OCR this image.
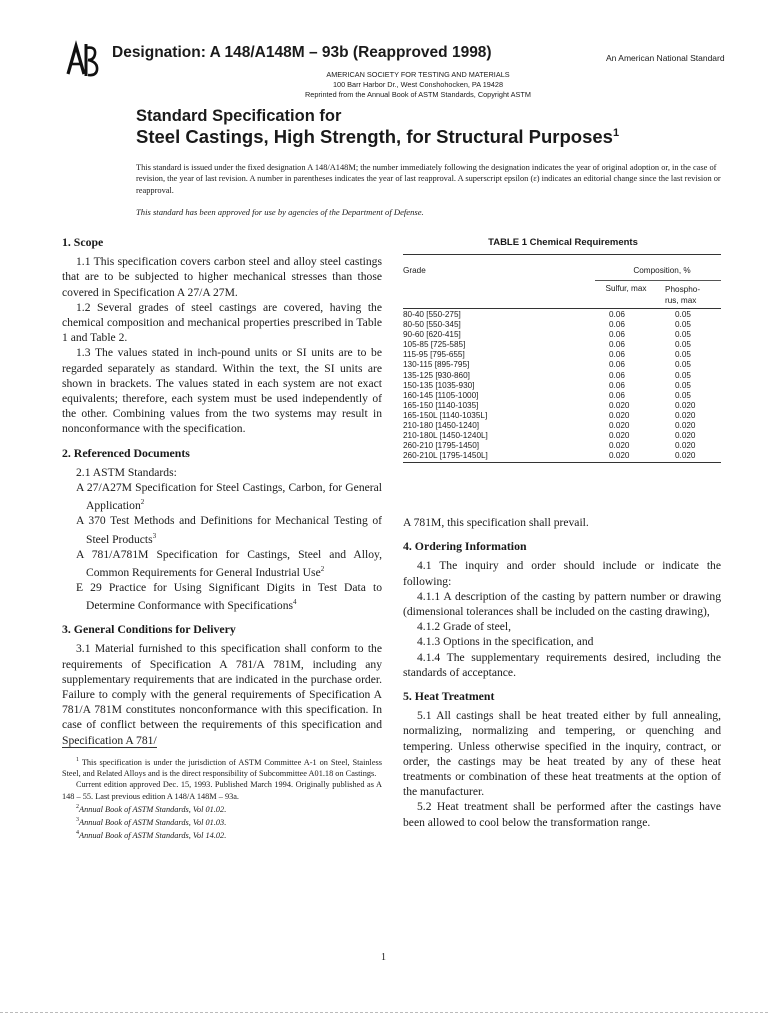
Designation: A 148/A148M – 93b (Reapproved 1998)	An American National Standard
AMERICAN SOCIETY FOR TESTING AND MATERIALS
100 Barr Harbor Dr., West Conshohocken, PA 19428
Reprinted from the Annual Book of ASTM Standards, Copyright ASTM
Standard Specification for
Steel Castings, High Strength, for Structural Purposes$^1$

This standard is issued under the fixed designation A 148/A148M; the number immediately following the designation indicates the year of original adoption or, in the case of revision, the year of last revision. A number in parentheses indicates the year of last reapproval. A superscript epsilon (ε) indicates an editorial change since the last revision or reapproval.

This standard has been approved for use by agencies of the Department of Defense.
1. Scope

1.1 This specification covers carbon steel and alloy steel castings that are to be subjected to higher mechanical stresses than those covered in Specification A 27/A 27M.

1.2 Several grades of steel castings are covered, having the chemical composition and mechanical properties prescribed in Table 1 and Table 2.

1.3 The values stated in inch-pound units or SI units are to be regarded separately as standard. Within the text, the SI units are shown in brackets. The values stated in each system are not exact equivalents; therefore, each system must be used independently of the other. Combining values from the two systems may result in nonconformance with the specification.

2. Referenced Documents

2.1 ASTM Standards:

A 27/A27M Specification for Steel Castings, Carbon, for General Application$^2$

A 370 Test Methods and Definitions for Mechanical Testing of Steel Products$^3$

A 781/A781M Specification for Castings, Steel and Alloy, Common Requirements for General Industrial Use$^2$

E 29 Practice for Using Significant Digits in Test Data to Determine Conformance with Specifications$^4$

3. General Conditions for Delivery

3.1 Material furnished to this specification shall conform to the requirements of Specification A 781/A 781M, including any supplementary requirements that are indicated in the purchase order. Failure to comply with the general requirements of Specification A 781/A 781M constitutes nonconformance with this specification. In case of conflict between the requirements of this specification and Specification A 781/

$^1$ This specification is under the jurisdiction of ASTM Committee A-1 on Steel, Stainless Steel, and Related Alloys and is the direct responsibility of Subcommittee A01.18 on Castings.

Current edition approved Dec. 15, 1993. Published March 1994. Originally published as A 148 – 55. Last previous edition A 148/A 148M – 93a.

$^2$Annual Book of ASTM Standards, Vol 01.02.

$^3$Annual Book of ASTM Standards, Vol 01.03.

$^4$Annual Book of ASTM Standards, Vol 14.02.

TABLE 1 Chemical Requirements
Grade	Composition, %
Sulfur, max	Phospho-
rus, max
80-40 [550-275]	0.06	0.05
80-50 [550-345]	0.06	0.05
90-60 [620-415]	0.06	0.05
105-85 [725-585]	0.06	0.05
115-95 [795-655]	0.06	0.05
130-115 [895-795]	0.06	0.05
135-125 [930-860]	0.06	0.05
150-135 [1035-930]	0.06	0.05
160-145 [1105-1000]	0.06	0.05
165-150 [1140-1035]	0.020	0.020
165-150L [1140-1035L]	0.020	0.020
210-180 [1450-1240]	0.020	0.020
210-180L [1450-1240L]	0.020	0.020
260-210 [1795-1450]	0.020	0.020
260-210L [1795-1450L]	0.020	0.020

A 781M, this specification shall prevail.

4. Ordering Information

4.1 The inquiry and order should include or indicate the following:

4.1.1 A description of the casting by pattern number or drawing (dimensional tolerances shall be included on the casting drawing),

4.1.2 Grade of steel,

4.1.3 Options in the specification, and

4.1.4 The supplementary requirements desired, including the standards of acceptance.

5. Heat Treatment

5.1 All castings shall be heat treated either by full annealing, normalizing, normalizing and tempering, or quenching and tempering. Unless otherwise specified in the inquiry, contract, or order, the castings may be heat treated by any of these heat treatments or combination of these heat treatments at the option of the manufacturer.

5.2 Heat treatment shall be performed after the castings have been allowed to cool below the transformation range.

1
